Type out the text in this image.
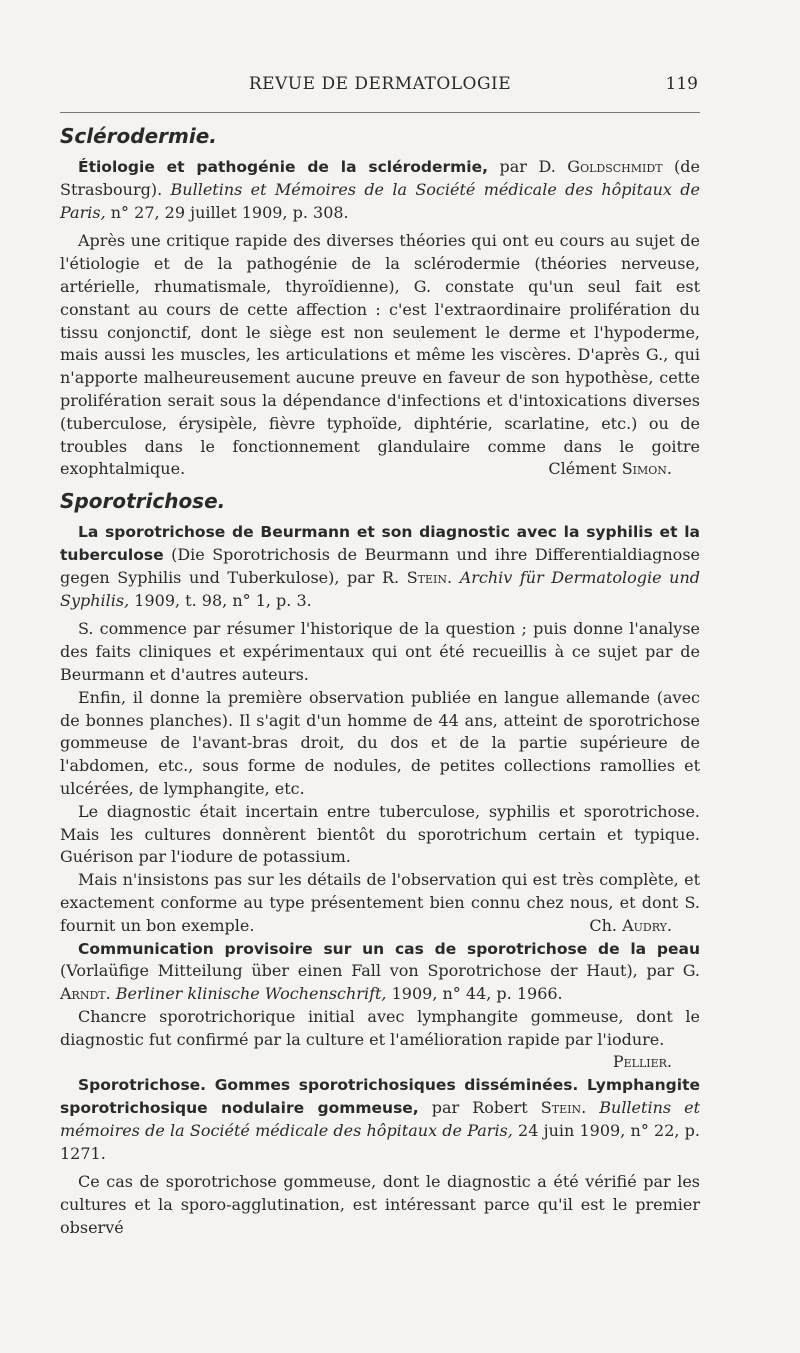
REVUE DE DERMATOLOGIE	119
Sclérodermie.

Étiologie et pathogénie de la sclérodermie, par D. Goldschmidt (de Strasbourg). Bulletins et Mémoires de la Société médicale des hôpitaux de Paris, n° 27, 29 juillet 1909, p. 308.

Après une critique rapide des diverses théories qui ont eu cours au sujet de l'étiologie et de la pathogénie de la sclérodermie (théories nerveuse, artérielle, rhumatismale, thyroïdienne), G. constate qu'un seul fait est constant au cours de cette affection : c'est l'extraordinaire prolifération du tissu conjonctif, dont le siège est non seulement le derme et l'hypoderme, mais aussi les muscles, les articulations et même les viscères. D'après G., qui n'apporte malheureusement aucune preuve en faveur de son hypothèse, cette prolifération serait sous la dépendance d'infections et d'intoxications diverses (tuberculose, érysipèle, fièvre typhoïde, diphtérie, scarlatine, etc.) ou de troubles dans le fonctionnement glandulaire comme dans le goitre exophtalmique.	Clément Simon.

Sporotrichose.

La sporotrichose de Beurmann et son diagnostic avec la syphilis et la tuberculose (Die Sporotrichosis de Beurmann und ihre Differentialdiagnose gegen Syphilis und Tuberkulose), par R. Stein. Archiv für Dermatologie und Syphilis, 1909, t. 98, n° 1, p. 3.

S. commence par résumer l'historique de la question ; puis donne l'analyse des faits cliniques et expérimentaux qui ont été recueillis à ce sujet par de Beurmann et d'autres auteurs.

Enfin, il donne la première observation publiée en langue allemande (avec de bonnes planches). Il s'agit d'un homme de 44 ans, atteint de sporotrichose gommeuse de l'avant-bras droit, du dos et de la partie supérieure de l'abdomen, etc., sous forme de nodules, de petites collections ramollies et ulcérées, de lymphangite, etc.

Le diagnostic était incertain entre tuberculose, syphilis et sporotrichose. Mais les cultures donnèrent bientôt du sporotrichum certain et typique. Guérison par l'iodure de potassium.

Mais n'insistons pas sur les détails de l'observation qui est très complète, et exactement conforme au type présentement bien connu chez nous, et dont S. fournit un bon exemple.	Ch. Audry.

Communication provisoire sur un cas de sporotrichose de la peau (Vorlaüfige Mitteilung über einen Fall von Sporotrichose der Haut), par G. Arndt. Berliner klinische Wochenschrift, 1909, n° 44, p. 1966.

Chancre sporotrichorique initial avec lymphangite gommeuse, dont le diagnostic fut confirmé par la culture et l'amélioration rapide par l'iodure.

Pellier.

Sporotrichose. Gommes sporotrichosiques disséminées. Lymphangite sporotrichosique nodulaire gommeuse, par Robert Stein. Bulletins et mémoires de la Société médicale des hôpitaux de Paris, 24 juin 1909, n° 22, p. 1271.

Ce cas de sporotrichose gommeuse, dont le diagnostic a été vérifié par les cultures et la sporo-agglutination, est intéressant parce qu'il est le premier observé
